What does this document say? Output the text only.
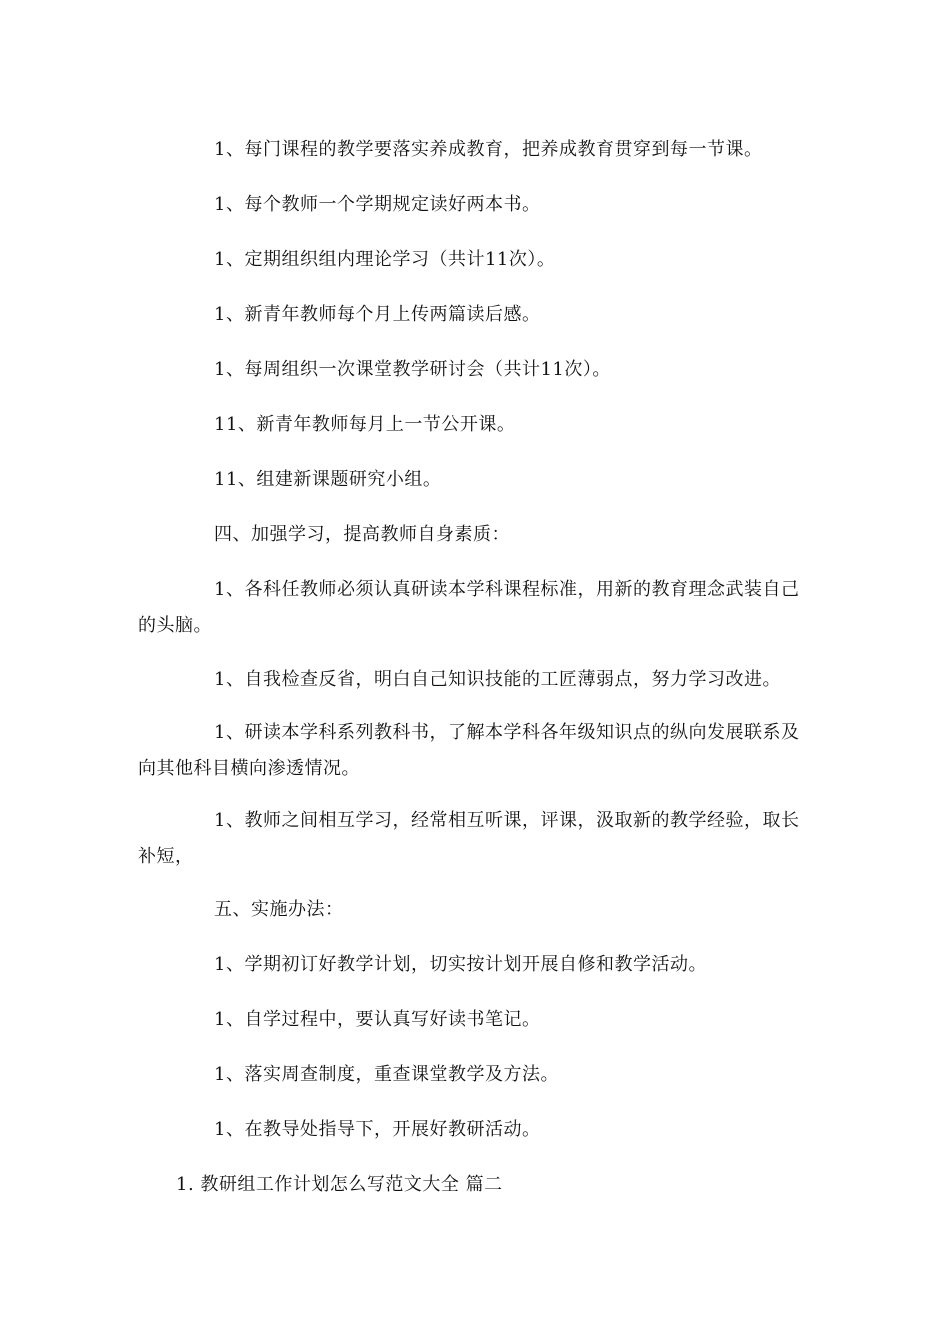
1、每门课程的教学要落实养成教育，把养成教育贯穿到每一节课。

1、每个教师一个学期规定读好两本书。

1、定期组织组内理论学习（共计11次）。

1、新青年教师每个月上传两篇读后感。

1、每周组织一次课堂教学研讨会（共计11次）。

11、新青年教师每月上一节公开课。

11、组建新课题研究小组。

四、加强学习，提高教师自身素质：

1、各科任教师必须认真研读本学科课程标准，用新的教育理念武装自己的头脑。

1、自我检查反省，明白自己知识技能的工匠薄弱点，努力学习改进。

1、研读本学科系列教科书，了解本学科各年级知识点的纵向发展联系及向其他科目横向渗透情况。

1、教师之间相互学习，经常相互听课，评课，汲取新的教学经验，取长补短，

五、实施办法：

1、学期初订好教学计划，切实按计划开展自修和教学活动。

1、自学过程中，要认真写好读书笔记。

1、落实周查制度，重查课堂教学及方法。

1、在教导处指导下，开展好教研活动。

1. 教研组工作计划怎么写范文大全 篇二
